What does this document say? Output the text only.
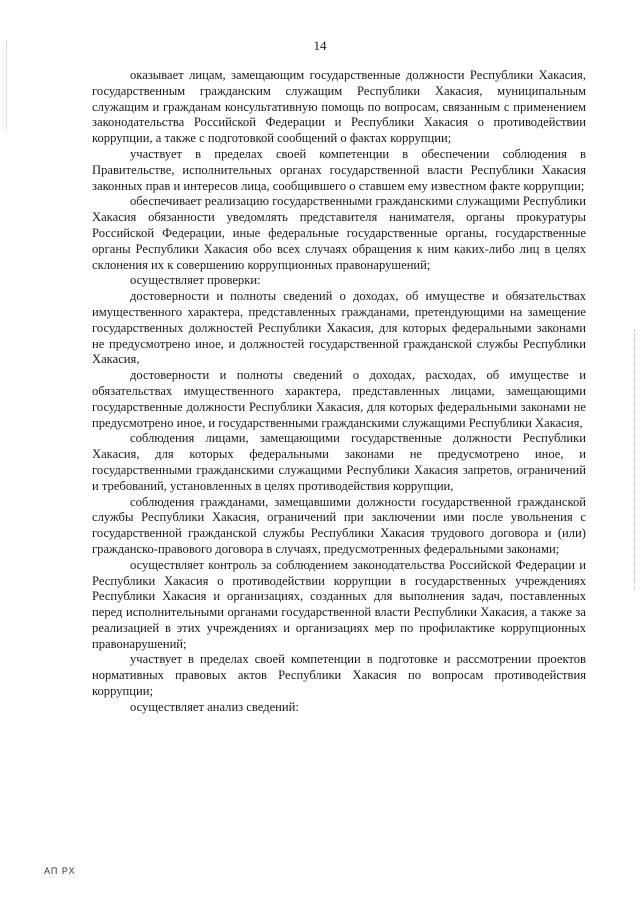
14

оказывает лицам, замещающим государственные должности Республики Хакасия, государственным гражданским служащим Республики Хакасия, муниципальным служащим и гражданам консультативную помощь по вопросам, связанным с применением законодательства Российской Федерации и Республики Хакасия о противодействии коррупции, а также с подготовкой сообщений о фактах коррупции;

участвует в пределах своей компетенции в обеспечении соблюдения в Правительстве, исполнительных органах государственной власти Республики Хакасия законных прав и интересов лица, сообщившего о ставшем ему известном факте коррупции;

обеспечивает реализацию государственными гражданскими служащими Республики Хакасия обязанности уведомлять представителя нанимателя, органы прокуратуры Российской Федерации, иные федеральные государственные органы, государственные органы Республики Хакасия обо всех случаях обращения к ним каких-либо лиц в целях склонения их к совершению коррупционных правонарушений;

осуществляет проверки:

достоверности и полноты сведений о доходах, об имуществе и обязательствах имущественного характера, представленных гражданами, претендующими на замещение государственных должностей Республики Хакасия, для которых федеральными законами не предусмотрено иное, и должностей государственной гражданской службы Республики Хакасия,

достоверности и полноты сведений о доходах, расходах, об имуществе и обязательствах имущественного характера, представленных лицами, замещающими государственные должности Республики Хакасия, для которых федеральными законами не предусмотрено иное, и государственными гражданскими служащими Республики Хакасия,

соблюдения лицами, замещающими государственные должности Республики Хакасия, для которых федеральными законами не предусмотрено иное, и государственными гражданскими служащими Республики Хакасия запретов, ограничений и требований, установленных в целях противодействия коррупции,

соблюдения гражданами, замещавшими должности государственной гражданской службы Республики Хакасия, ограничений при заключении ими после увольнения с государственной гражданской службы Республики Хакасия трудового договора и (или) гражданско-правового договора в случаях, предусмотренных федеральными законами;

осуществляет контроль за соблюдением законодательства Российской Федерации и Республики Хакасия о противодействии коррупции в государственных учреждениях Республики Хакасия и организациях, созданных для выполнения задач, поставленных перед исполнительными органами государственной власти Республики Хакасия, а также за реализацией в этих учреждениях и организациях мер по профилактике коррупционных правонарушений;

участвует в пределах своей компетенции в подготовке и рассмотрении проектов нормативных правовых актов Республики Хакасия по вопросам противодействия коррупции;

осуществляет анализ сведений:

АП РХ
